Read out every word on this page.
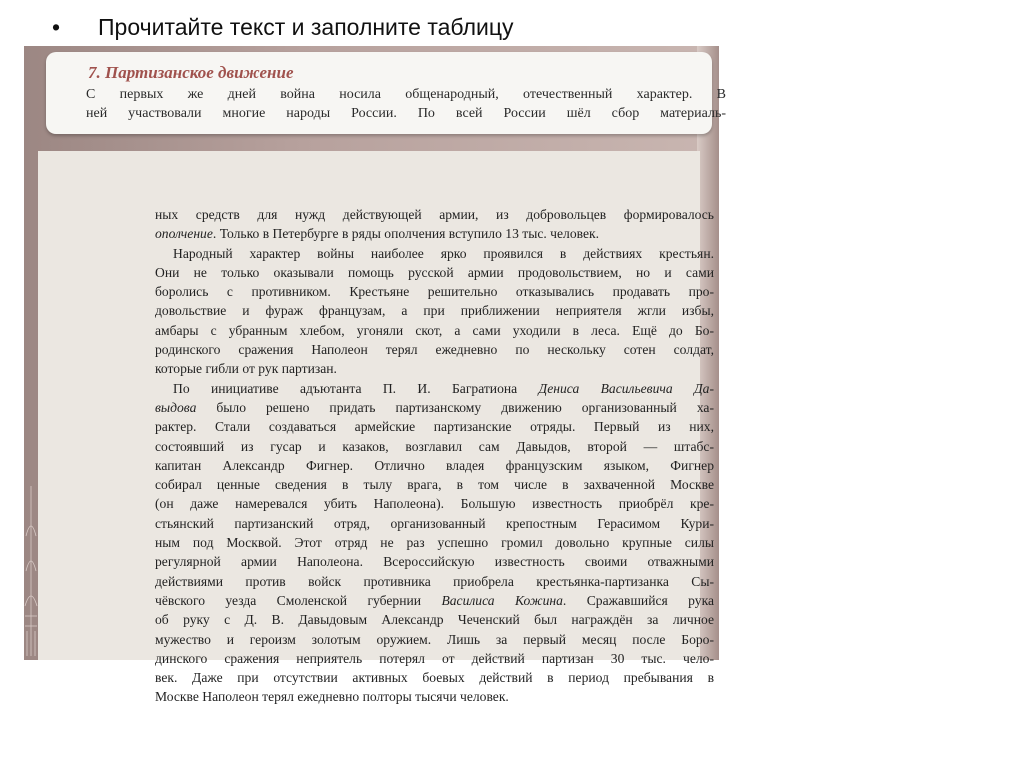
• Прочитайте текст и заполните таблицу
7. Партизанское движение
С первых же дней война носила общенародный, отечественный характер. В
ней участвовали многие народы России. По всей России шёл сбор материаль-
ных средств для нужд действующей армии, из добровольцев формировалось
ополчение. Только в Петербурге в ряды ополчения вступило 13 тыс. человек.
Народный характер войны наиболее ярко проявился в действиях крестьян.
Они не только оказывали помощь русской армии продовольствием, но и сами
боролись с противником. Крестьяне решительно отказывались продавать про-
довольствие и фураж французам, а при приближении неприятеля жгли избы,
амбары с убранным хлебом, угоняли скот, а сами уходили в леса. Ещё до Бо-
родинского сражения Наполеон терял ежедневно по нескольку сотен солдат,
которые гибли от рук партизан.
По инициативе адъютанта П. И. Багратиона Дениса Васильевича Да-
выдова было решено придать партизанскому движению организованный ха-
рактер. Стали создаваться армейские партизанские отряды. Первый из них,
состоявший из гусар и казаков, возглавил сам Давыдов, второй — штабс-
капитан Александр Фигнер. Отлично владея французским языком, Фигнер
собирал ценные сведения в тылу врага, в том числе в захваченной Москве
(он даже намеревался убить Наполеона). Большую известность приобрёл кре-
стьянский партизанский отряд, организованный крепостным Герасимом Кури-
ным под Москвой. Этот отряд не раз успешно громил довольно крупные силы
регулярной армии Наполеона. Всероссийскую известность своими отважными
действиями против войск противника приобрела крестьянка-партизанка Сы-
чёвского уезда Смоленской губернии Василиса Кожина. Сражавшийся рука
об руку с Д. В. Давыдовым Александр Чеченский был награждён за личное
мужество и героизм золотым оружием. Лишь за первый месяц после Боро-
динского сражения неприятель потерял от действий партизан 30 тыс. чело-
век. Даже при отсутствии активных боевых действий в период пребывания в
Москве Наполеон терял ежедневно полторы тысячи человек.
